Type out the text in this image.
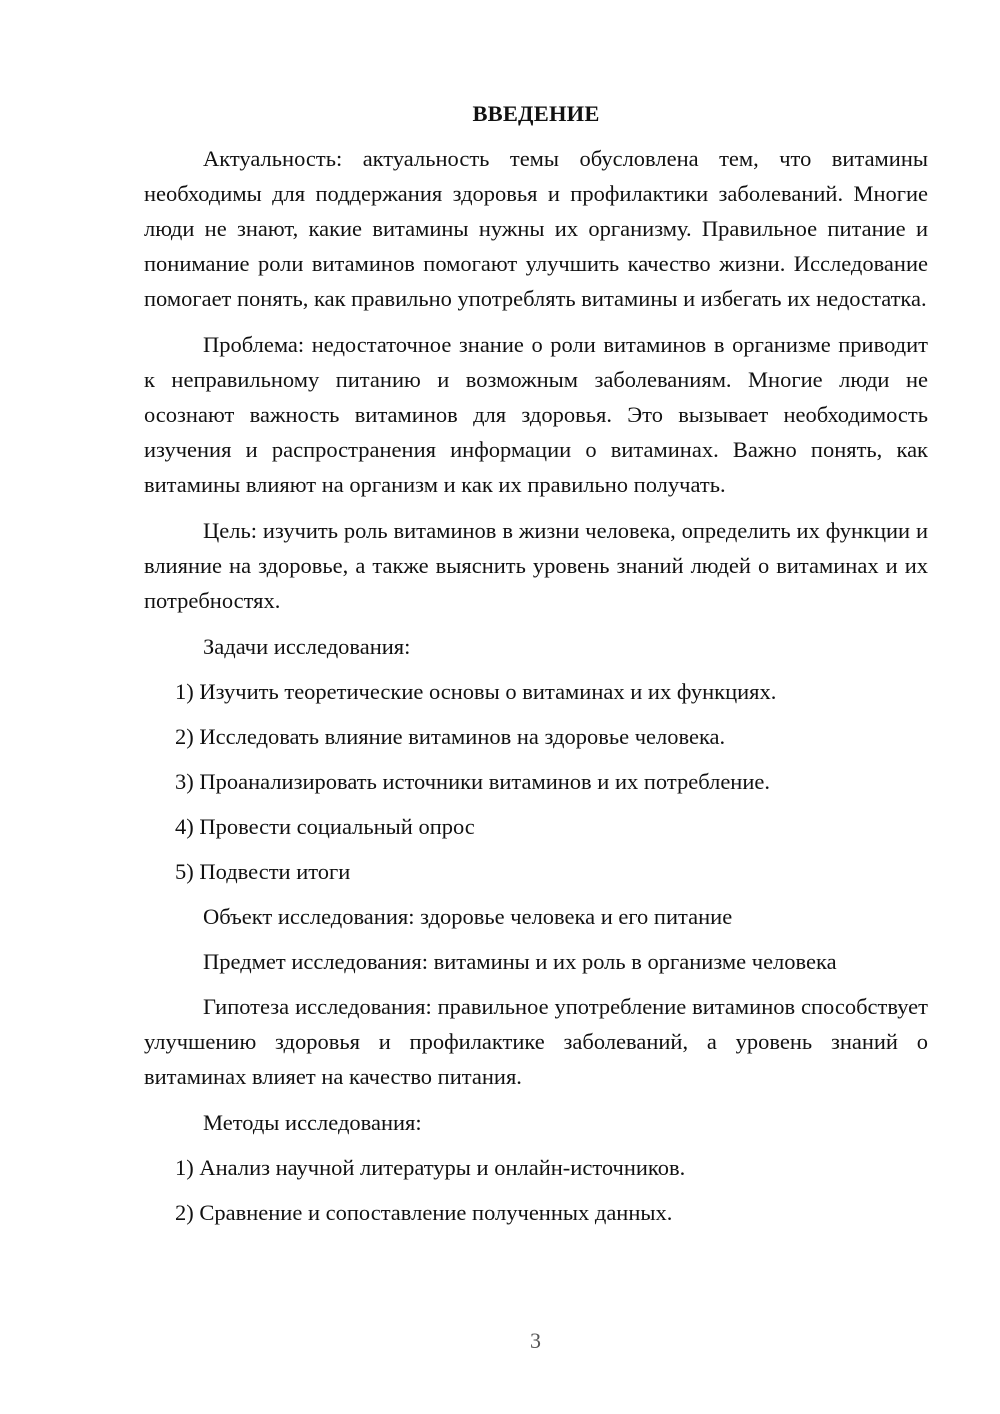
ВВЕДЕНИЕ

Актуальность: актуальность темы обусловлена тем, что витамины необходимы для поддержания здоровья и профилактики заболеваний. Многие люди не знают, какие витамины нужны их организму. Правильное питание и понимание роли витаминов помогают улучшить качество жизни. Исследование помогает понять, как правильно употреблять витамины и избегать их недостатка.

Проблема: недостаточное знание о роли витаминов в организме приводит к неправильному питанию и возможным заболеваниям. Многие люди не осознают важность витаминов для здоровья. Это вызывает необходимость изучения и распространения информации о витаминах. Важно понять, как витамины влияют на организм и как их правильно получать.

Цель: изучить роль витаминов в жизни человека, определить их функции и влияние на здоровье, а также выяснить уровень знаний людей о витаминах и их потребностях.

Задачи исследования:

1) Изучить теоретические основы о витаминах и их функциях.
2) Исследовать влияние витаминов на здоровье человека.
3) Проанализировать источники витаминов и их потребление.
4) Провести социальный опрос
5) Подвести итоги

Объект исследования: здоровье человека и его питание

Предмет исследования: витамины и их роль в организме человека

Гипотеза исследования: правильное употребление витаминов способствует улучшению здоровья и профилактике заболеваний, а уровень знаний о витаминах влияет на качество питания.

Методы исследования:

1) Анализ научной литературы и онлайн-источников.
2) Сравнение и сопоставление полученных данных.
3
